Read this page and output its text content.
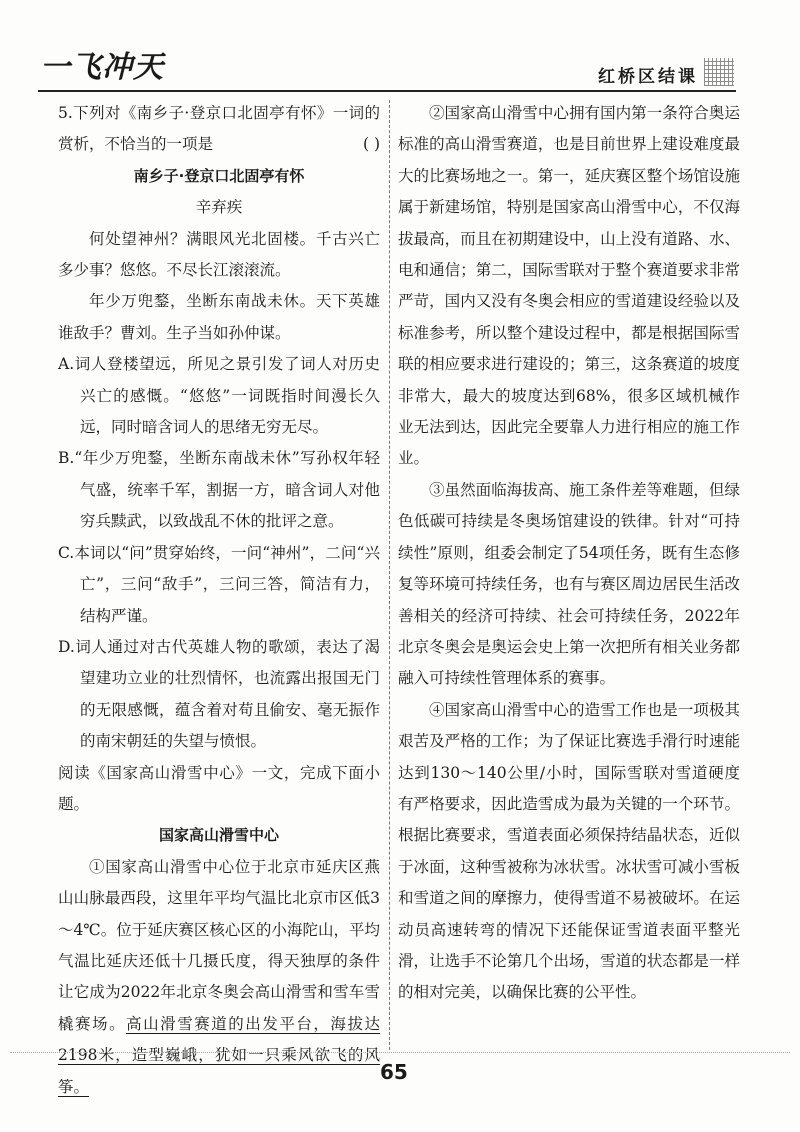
一飞冲天	红桥区结课
5.下列对《南乡子·登京口北固亭有怀》一词的赏析，不恰当的一项是	( )

南乡子·登京口北固亭有怀

辛弃疾

何处望神州？满眼风光北固楼。千古兴亡多少事？悠悠。不尽长江滚滚流。

年少万兜鍪，坐断东南战未休。天下英雄谁敌手？曹刘。生子当如孙仲谋。

A.词人登楼望远，所见之景引发了词人对历史兴亡的感慨。“悠悠”一词既指时间漫长久远，同时暗含词人的思绪无穷无尽。

B.“年少万兜鍪，坐断东南战未休”写孙权年轻气盛，统率千军，割据一方，暗含词人对他穷兵黩武，以致战乱不休的批评之意。

C.本词以“问”贯穿始终，一问“神州”，二问“兴亡”，三问“敌手”，三问三答，简洁有力，结构严谨。

D.词人通过对古代英雄人物的歌颂，表达了渴望建功立业的壮烈情怀，也流露出报国无门的无限感慨，蕴含着对苟且偷安、毫无振作的南宋朝廷的失望与愤恨。

阅读《国家高山滑雪中心》一文，完成下面小题。

国家高山滑雪中心

①国家高山滑雪中心位于北京市延庆区燕山山脉最西段，这里年平均气温比北京市区低3～4℃。位于延庆赛区核心区的小海陀山，平均气温比延庆还低十几摄氏度，得天独厚的条件让它成为2022年北京冬奥会高山滑雪和雪车雪橇赛场。高山滑雪赛道的出发平台，海拔达2198米，造型巍峨，犹如一只乘风欲飞的风筝。

②国家高山滑雪中心拥有国内第一条符合奥运标准的高山滑雪赛道，也是目前世界上建设难度最大的比赛场地之一。第一，延庆赛区整个场馆设施属于新建场馆，特别是国家高山滑雪中心，不仅海拔最高，而且在初期建设中，山上没有道路、水、电和通信；第二，国际雪联对于整个赛道要求非常严苛，国内又没有冬奥会相应的雪道建设经验以及标准参考，所以整个建设过程中，都是根据国际雪联的相应要求进行建设的；第三，这条赛道的坡度非常大，最大的坡度达到68%，很多区域机械作业无法到达，因此完全要靠人力进行相应的施工作业。

③虽然面临海拔高、施工条件差等难题，但绿色低碳可持续是冬奥场馆建设的铁律。针对“可持续性”原则，组委会制定了54项任务，既有生态修复等环境可持续任务，也有与赛区周边居民生活改善相关的经济可持续、社会可持续任务，2022年北京冬奥会是奥运会史上第一次把所有相关业务都融入可持续性管理体系的赛事。

④国家高山滑雪中心的造雪工作也是一项极其艰苦及严格的工作；为了保证比赛选手滑行时速能达到130～140公里/小时，国际雪联对雪道硬度有严格要求，因此造雪成为最为关键的一个环节。根据比赛要求，雪道表面必须保持结晶状态，近似于冰面，这种雪被称为冰状雪。冰状雪可减小雪板和雪道之间的摩擦力，使得雪道不易被破坏。在运动员高速转弯的情况下还能保证雪道表面平整光滑，让选手不论第几个出场，雪道的状态都是一样的相对完美，以确保比赛的公平性。

65
